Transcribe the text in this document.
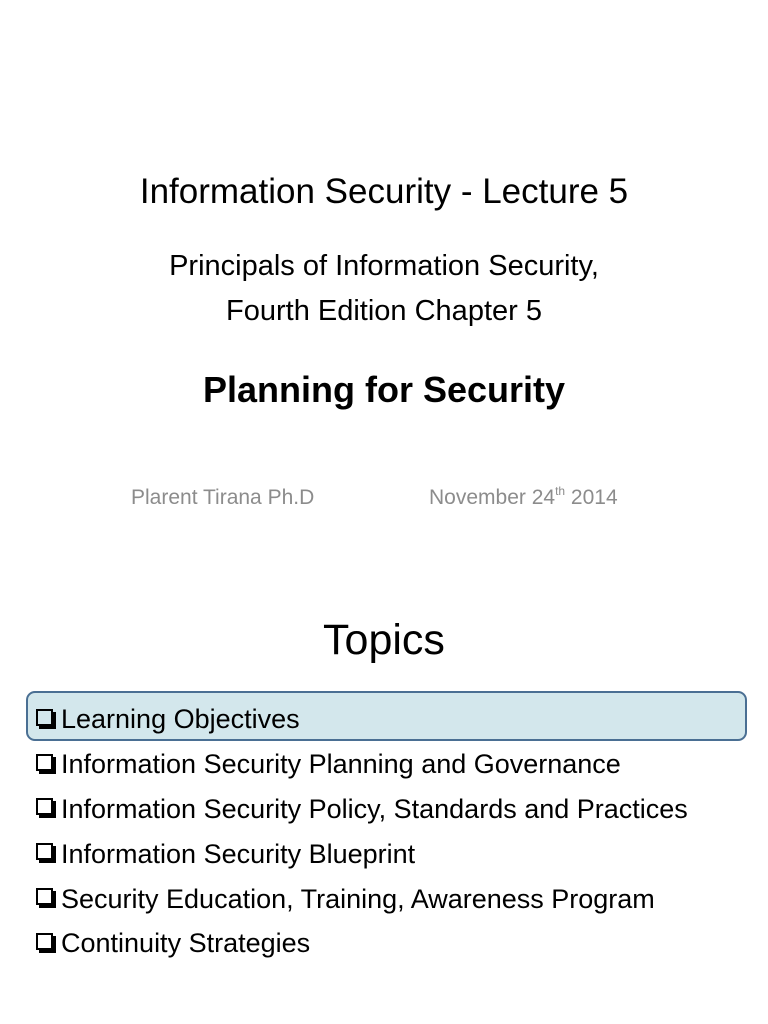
Information Security - Lecture 5
Principals of Information Security,
Fourth Edition Chapter 5
Planning for Security
Plarent Tirana Ph.D	November 24th 2014
Topics
Learning Objectives
Information Security Planning and Governance
Information Security Policy, Standards and Practices
Information Security Blueprint
Security Education, Training, Awareness Program
Continuity Strategies
